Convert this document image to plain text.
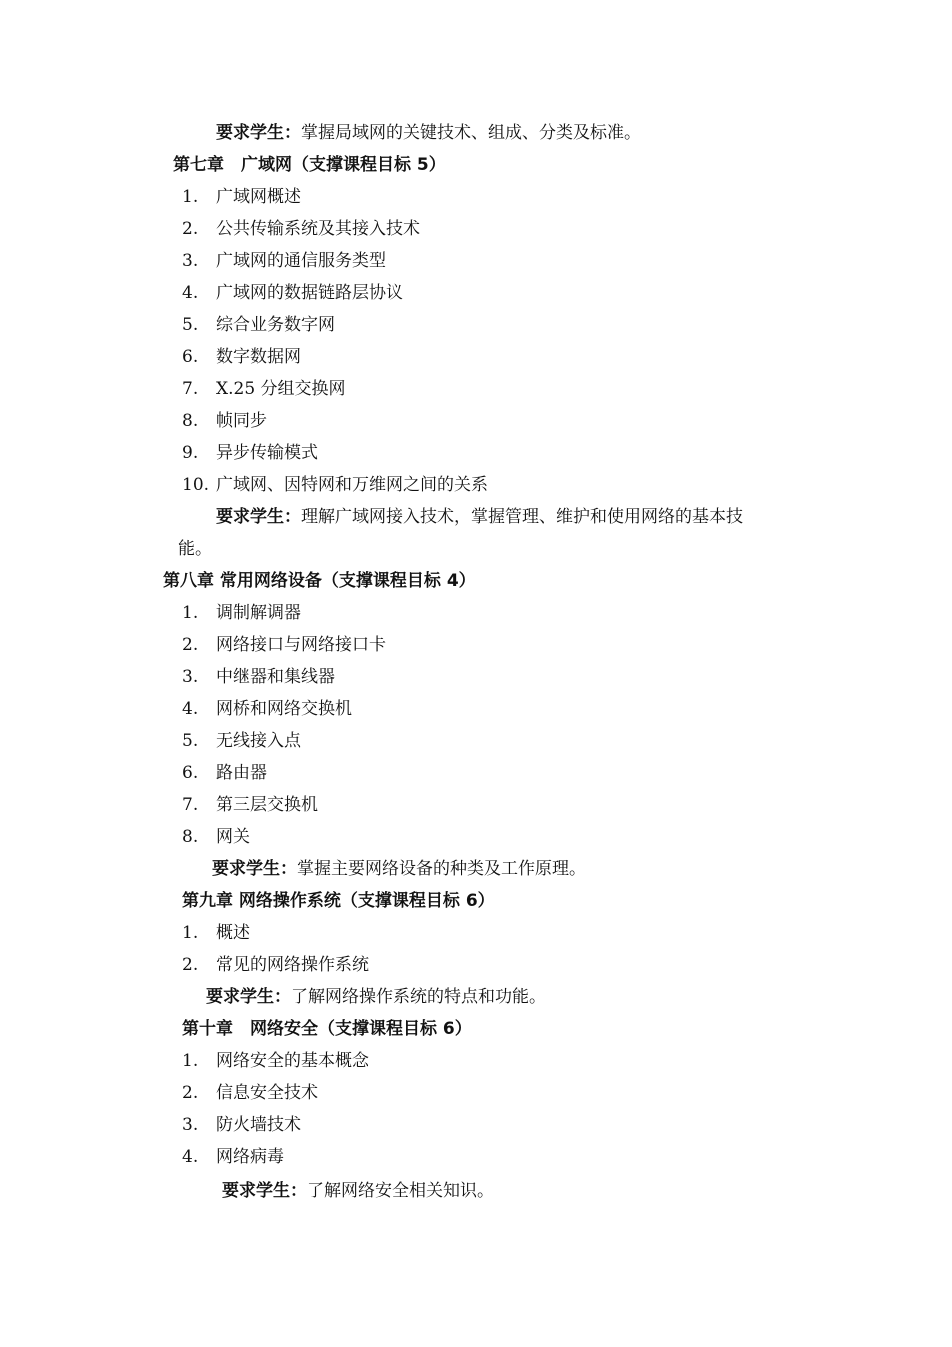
要求学生：掌握局域网的关键技术、组成、分类及标准。
第七章　广域网（支撑课程目标 5）
1. 广域网概述
2. 公共传输系统及其接入技术
3. 广域网的通信服务类型
4. 广域网的数据链路层协议
5. 综合业务数字网
6. 数字数据网
7. X.25 分组交换网
8. 帧同步
9. 异步传输模式
10. 广域网、因特网和万维网之间的关系
要求学生：理解广域网接入技术，掌握管理、维护和使用网络的基本技
能。
第八章 常用网络设备（支撑课程目标 4）
1. 调制解调器
2. 网络接口与网络接口卡
3. 中继器和集线器
4. 网桥和网络交换机
5. 无线接入点
6. 路由器
7. 第三层交换机
8. 网关
要求学生：掌握主要网络设备的种类及工作原理。
第九章 网络操作系统（支撑课程目标 6）
1. 概述
2. 常见的网络操作系统
要求学生：了解网络操作系统的特点和功能。
第十章　网络安全（支撑课程目标 6）
1. 网络安全的基本概念
2. 信息安全技术
3. 防火墙技术
4. 网络病毒
要求学生：了解网络安全相关知识。
